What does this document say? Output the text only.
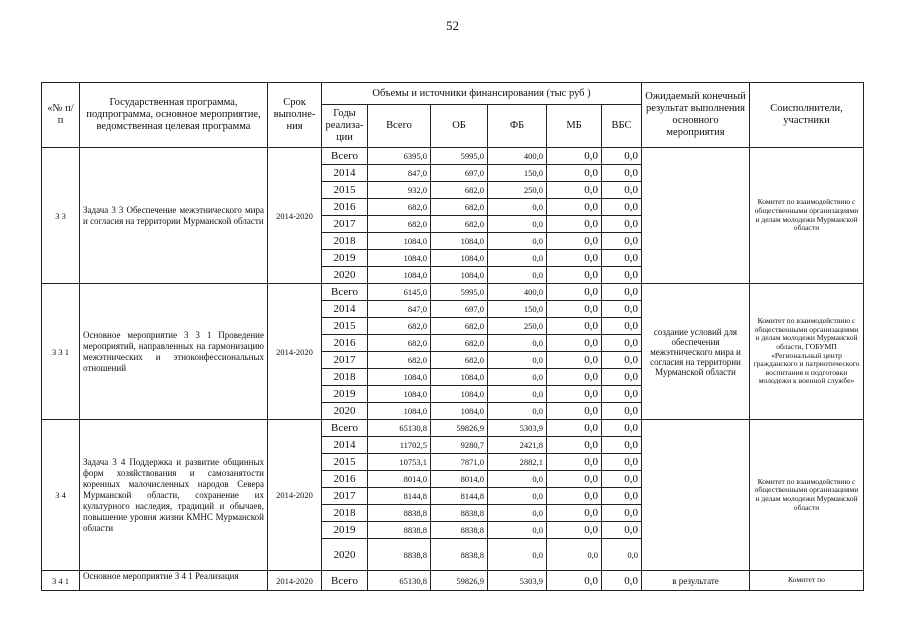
52
«№ п/п	Государственная программа, подпрограмма, основное мероприятие, ведомственная целевая программа	Срок выполне-ния	Объемы и источники финансирования (тыс руб )						Ожидаемый конечный результат выполнения основного мероприятия	Соисполнители, участники
			Годы реализа-ции	Всего	ОБ	ФБ	МБ	ВБС		
3 3	Задача 3 3 Обеспечение межэтнического мира и согласия на территории Мурманской области	2014-2020	Всего	6395,0	5995,0	400,0	0,0	0,0		Комитет по взаимодействию с общественными организациями и делам молодежи Мурманской области
			2014	847,0	697,0	150,0	0,0	0,0		
			2015	932,0	682,0	250,0	0,0	0,0		
			2016	682,0	682,0	0,0	0,0	0,0		
			2017	682,0	682,0	0,0	0,0	0,0		
			2018	1084,0	1084,0	0,0	0,0	0,0		
			2019	1084,0	1084,0	0,0	0,0	0,0		
			2020	1084,0	1084,0	0,0	0,0	0,0		
3 3 1	Основное мероприятие 3 3 1 Проведение мероприятий, направленных на гармонизацию межэтнических и этноконфессиональных отношений	2014-2020	Всего	6145,0	5995,0	400,0	0,0	0,0	создание условий для обеспечения межэтнического мира и согласия на территории Мурманской области	Комитет по взаимодействию с общественными организациями и делам молодежи Мурманской области, ГОБУМП «Региональный центр гражданского и патриотического воспитания и подготовки молодежи к военной службе»
			2014	847,0	697,0	150,0	0,0	0,0		
			2015	682,0	682,0	250,0	0,0	0,0		
			2016	682,0	682,0	0,0	0,0	0,0		
			2017	682,0	682,0	0,0	0,0	0,0		
			2018	1084,0	1084,0	0,0	0,0	0,0		
			2019	1084,0	1084,0	0,0	0,0	0,0		
			2020	1084,0	1084,0	0,0	0,0	0,0		
3 4	Задача 3 4 Поддержка и развитие общинных форм хозяйствования и самозанятости коренных малочисленных народов Севера Мурманской области, сохранение их культурного наследия, традиций и обычаев, повышение уровня жизни КМНС Мурманской области	2014-2020	Всего	65130,8	59826,9	5303,9	0,0	0,0		Комитет по взаимодействию с общественными организациями и делам молодежи Мурманской области
			2014	11702,5	9280,7	2421,8	0,0	0,0		
			2015	10753,1	7871,0	2882,1	0,0	0,0		
			2016	8014,0	8014,0	0,0	0,0	0,0		
			2017	8144,8	8144,8	0,0	0,0	0,0		
			2018	8838,8	8838,8	0,0	0,0	0,0		
			2019	8838,8	8838,8	0,0	0,0	0,0		
			2020	8838,8	8838,8	0,0	0,0	0,0		
3 4 1	Основное мероприятие 3 4 1 Реализация	2014-2020	Всего	65130,8	59826,9	5303,9	0,0	0,0	в результате	Комитет по
